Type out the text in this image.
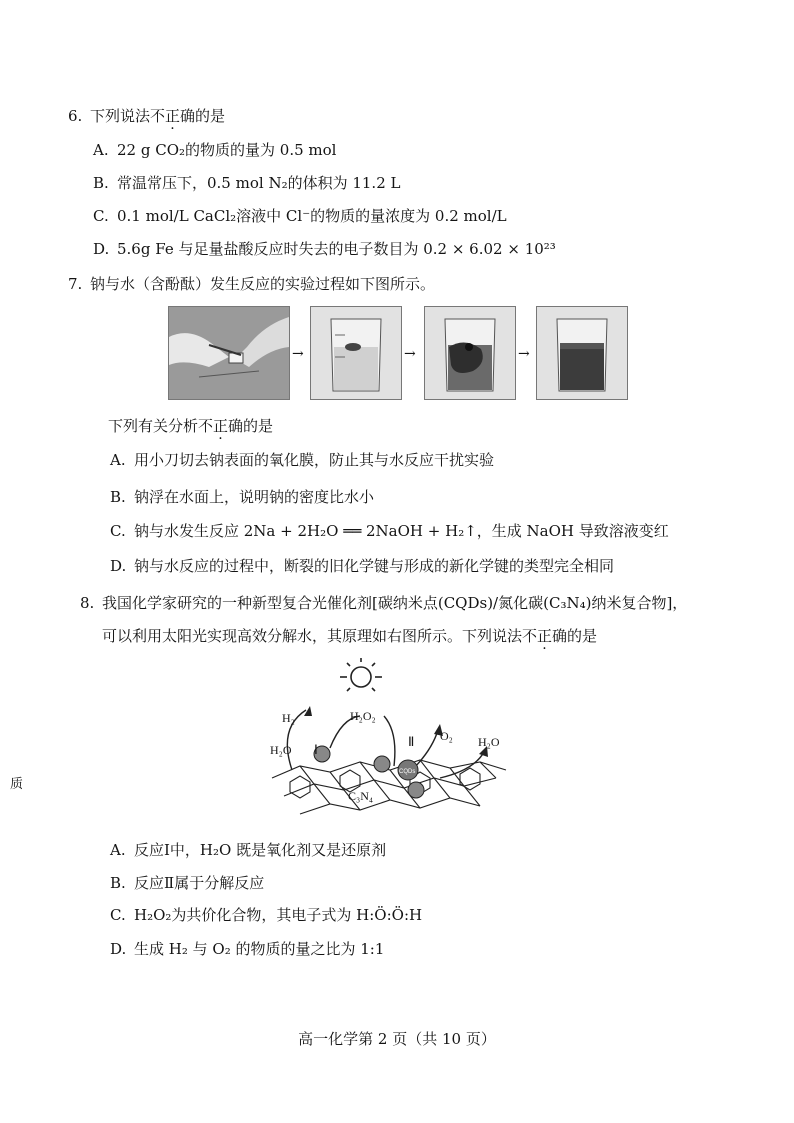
6. 下列说法不正确的是
A. 22 g CO₂的物质的量为 0.5 mol
B. 常温常压下，0.5 mol N₂的体积为 11.2 L
C. 0.1 mol/L CaCl₂溶液中 Cl⁻的物质的量浓度为 0.2 mol/L
D. 5.6g Fe 与足量盐酸反应时失去的电子数目为 0.2 × 6.02 × 10²³
7. 钠与水（含酚酞）发生反应的实验过程如下图所示。
→	→	→
下列有关分析不正确的是
A. 用小刀切去钠表面的氧化膜，防止其与水反应干扰实验
B. 钠浮在水面上，说明钠的密度比水小
C. 钠与水发生反应 2Na + 2H₂O ══ 2NaOH + H₂↑，生成 NaOH 导致溶液变红
D. 钠与水反应的过程中，断裂的旧化学键与形成的新化学键的类型完全相同
8. 我国化学家研究的一种新型复合光催化剂[碳纳米点(CQDs)/氮化碳(C₃N₄)纳米复合物]，
可以利用太阳光实现高效分解水，其原理如右图所示。下列说法不正确的是
H₂	H₂O₂
H₂O Ⅰ
Ⅱ O₂ H₂O
CQDs
C₃N₄
A. 反应Ⅰ中，H₂O 既是氧化剂又是还原剂
B. 反应Ⅱ属于分解反应
C. H₂O₂为共价化合物，其电子式为 H:Ö:Ö:H
D. 生成 H₂ 与 O₂ 的物质的量之比为 1:1
质
高一化学第 2 页（共 10 页）
